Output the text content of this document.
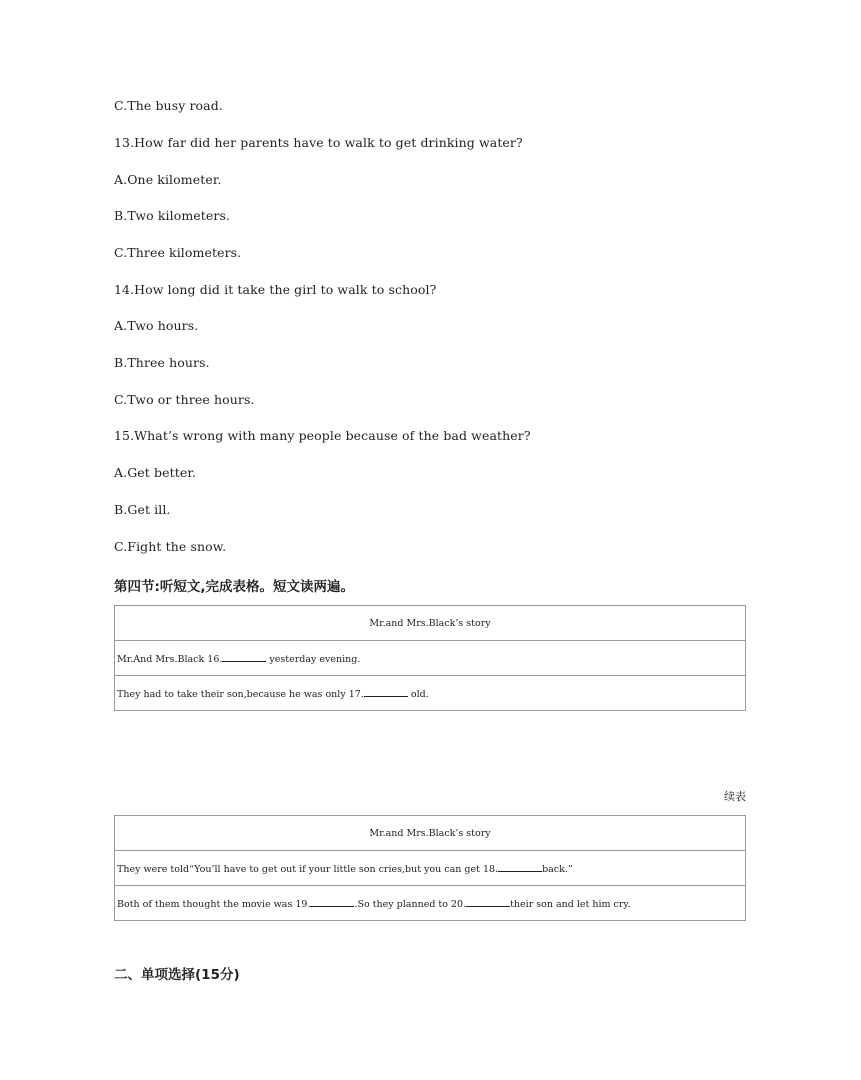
C.The busy road.
13.How far did her parents have to walk to get drinking water?
A.One kilometer.
B.Two kilometers.
C.Three kilometers.
14.How long did it take the girl to walk to school?
A.Two hours.
B.Three hours.
C.Two or three hours.
15.What’s wrong with many people because of the bad weather?
A.Get better.
B.Get ill.
C.Fight the snow.
第四节:听短文,完成表格。短文读两遍。
Mr.and Mrs.Black’s story
Mr.And Mrs.Black 16.	yesterday evening.
They had to take their son,because he was only 17.	old.
续表
Mr.and Mrs.Black’s story
They were told“You’ll have to get out if your little son cries,but you can get 18.	back.”
Both of them thought the movie was 19.	.So they planned to 20.	their son and let him cry.
二、单项选择(15分)
